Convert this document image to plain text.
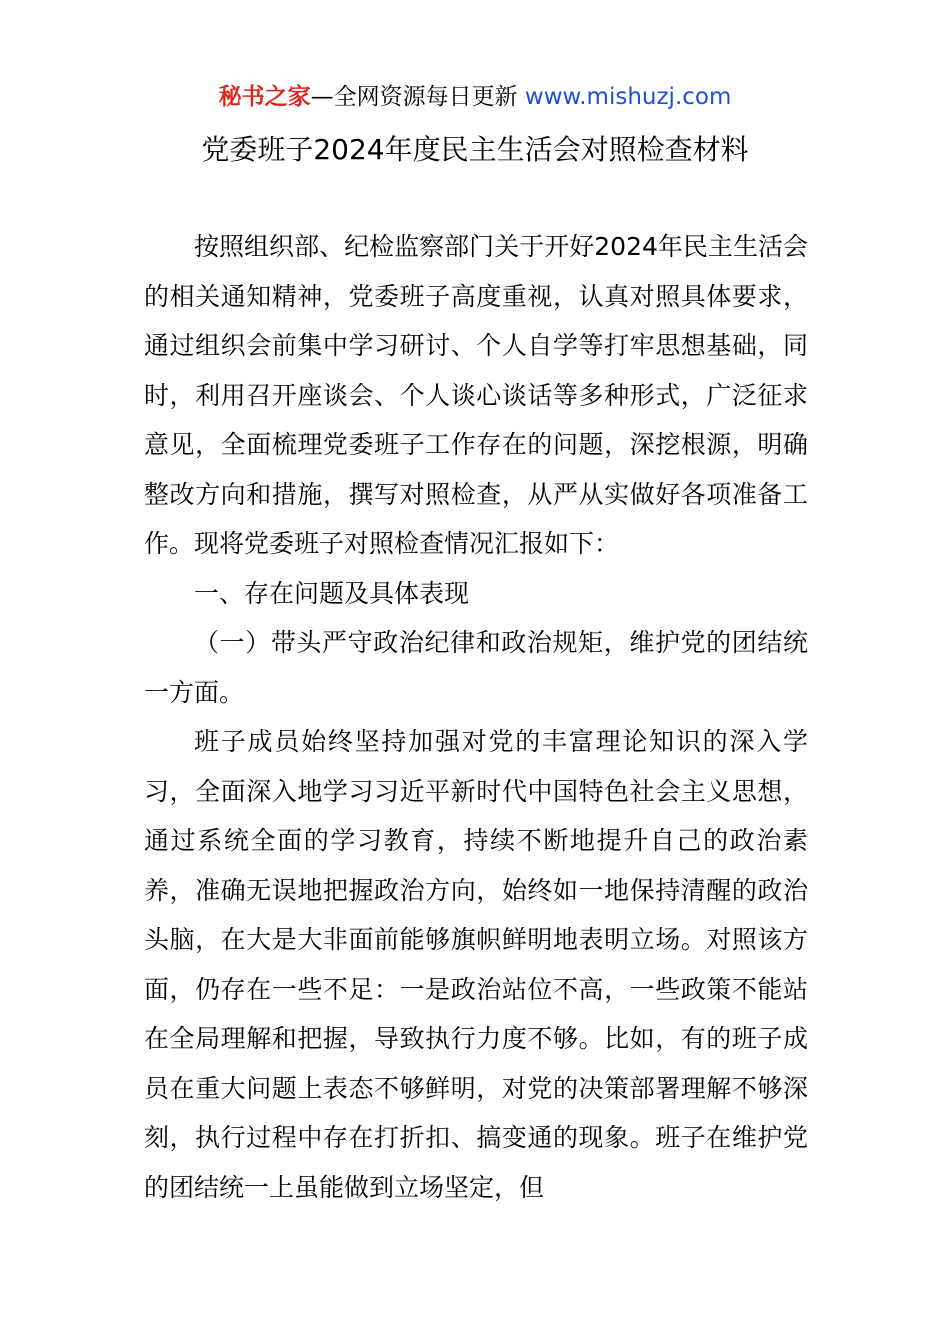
秘书之家—全网资源每日更新 www.mishuzj.com
党委班子2024年度民主生活会对照检查材料

按照组织部、纪检监察部门关于开好2024年民主生活会的相关通知精神，党委班子高度重视，认真对照具体要求，通过组织会前集中学习研讨、个人自学等打牢思想基础，同时，利用召开座谈会、个人谈心谈话等多种形式，广泛征求意见，全面梳理党委班子工作存在的问题，深挖根源，明确整改方向和措施，撰写对照检查，从严从实做好各项准备工作。现将党委班子对照检查情况汇报如下：

一、存在问题及具体表现

（一）带头严守政治纪律和政治规矩，维护党的团结统一方面。

班子成员始终坚持加强对党的丰富理论知识的深入学习，全面深入地学习习近平新时代中国特色社会主义思想，通过系统全面的学习教育，持续不断地提升自己的政治素养，准确无误地把握政治方向，始终如一地保持清醒的政治头脑，在大是大非面前能够旗帜鲜明地表明立场。对照该方面，仍存在一些不足：一是政治站位不高，一些政策不能站在全局理解和把握，导致执行力度不够。比如，有的班子成员在重大问题上表态不够鲜明，对党的决策部署理解不够深刻，执行过程中存在打折扣、搞变通的现象。班子在维护党的团结统一上虽能做到立场坚定，但
